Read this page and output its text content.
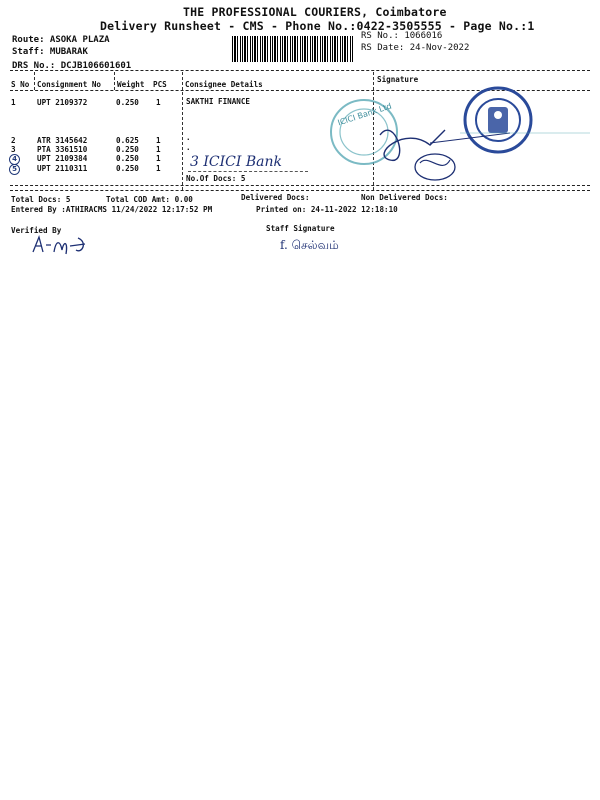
THE PROFESSIONAL COURIERS, Coimbatore
Delivery Runsheet - CMS - Phone No.:0422-3505555 - Page No.:1
Route: ASOKA PLAZA
Staff: MUBARAK
DRS No.: DCJB106601601
RS No.: 1066016
RS Date: 24-Nov-2022
S No Consignment No Weight PCS Consignee Details
Signature
1	UPT 2109372	0.250 1	SAKTHI FINANCE
2	ATR 3145642	0.625 1	.
3	PTA 3361510	0.250 1	.
4	UPT 2109384	0.250 1
5	UPT 2110311	0.250 1
No.Of Docs: 5
3 ICICI Bank
ICICI Bank Ltd
Total Docs: 5	Total COD Amt: 0.00	Delivered Docs:	Non Delivered Docs:
Entered By :ATHIRACMS 11/24/2022 12:17:52 PM	Printed on: 24-11-2022 12:18:10
Verified By	Staff Signature
f. செல்வம்
